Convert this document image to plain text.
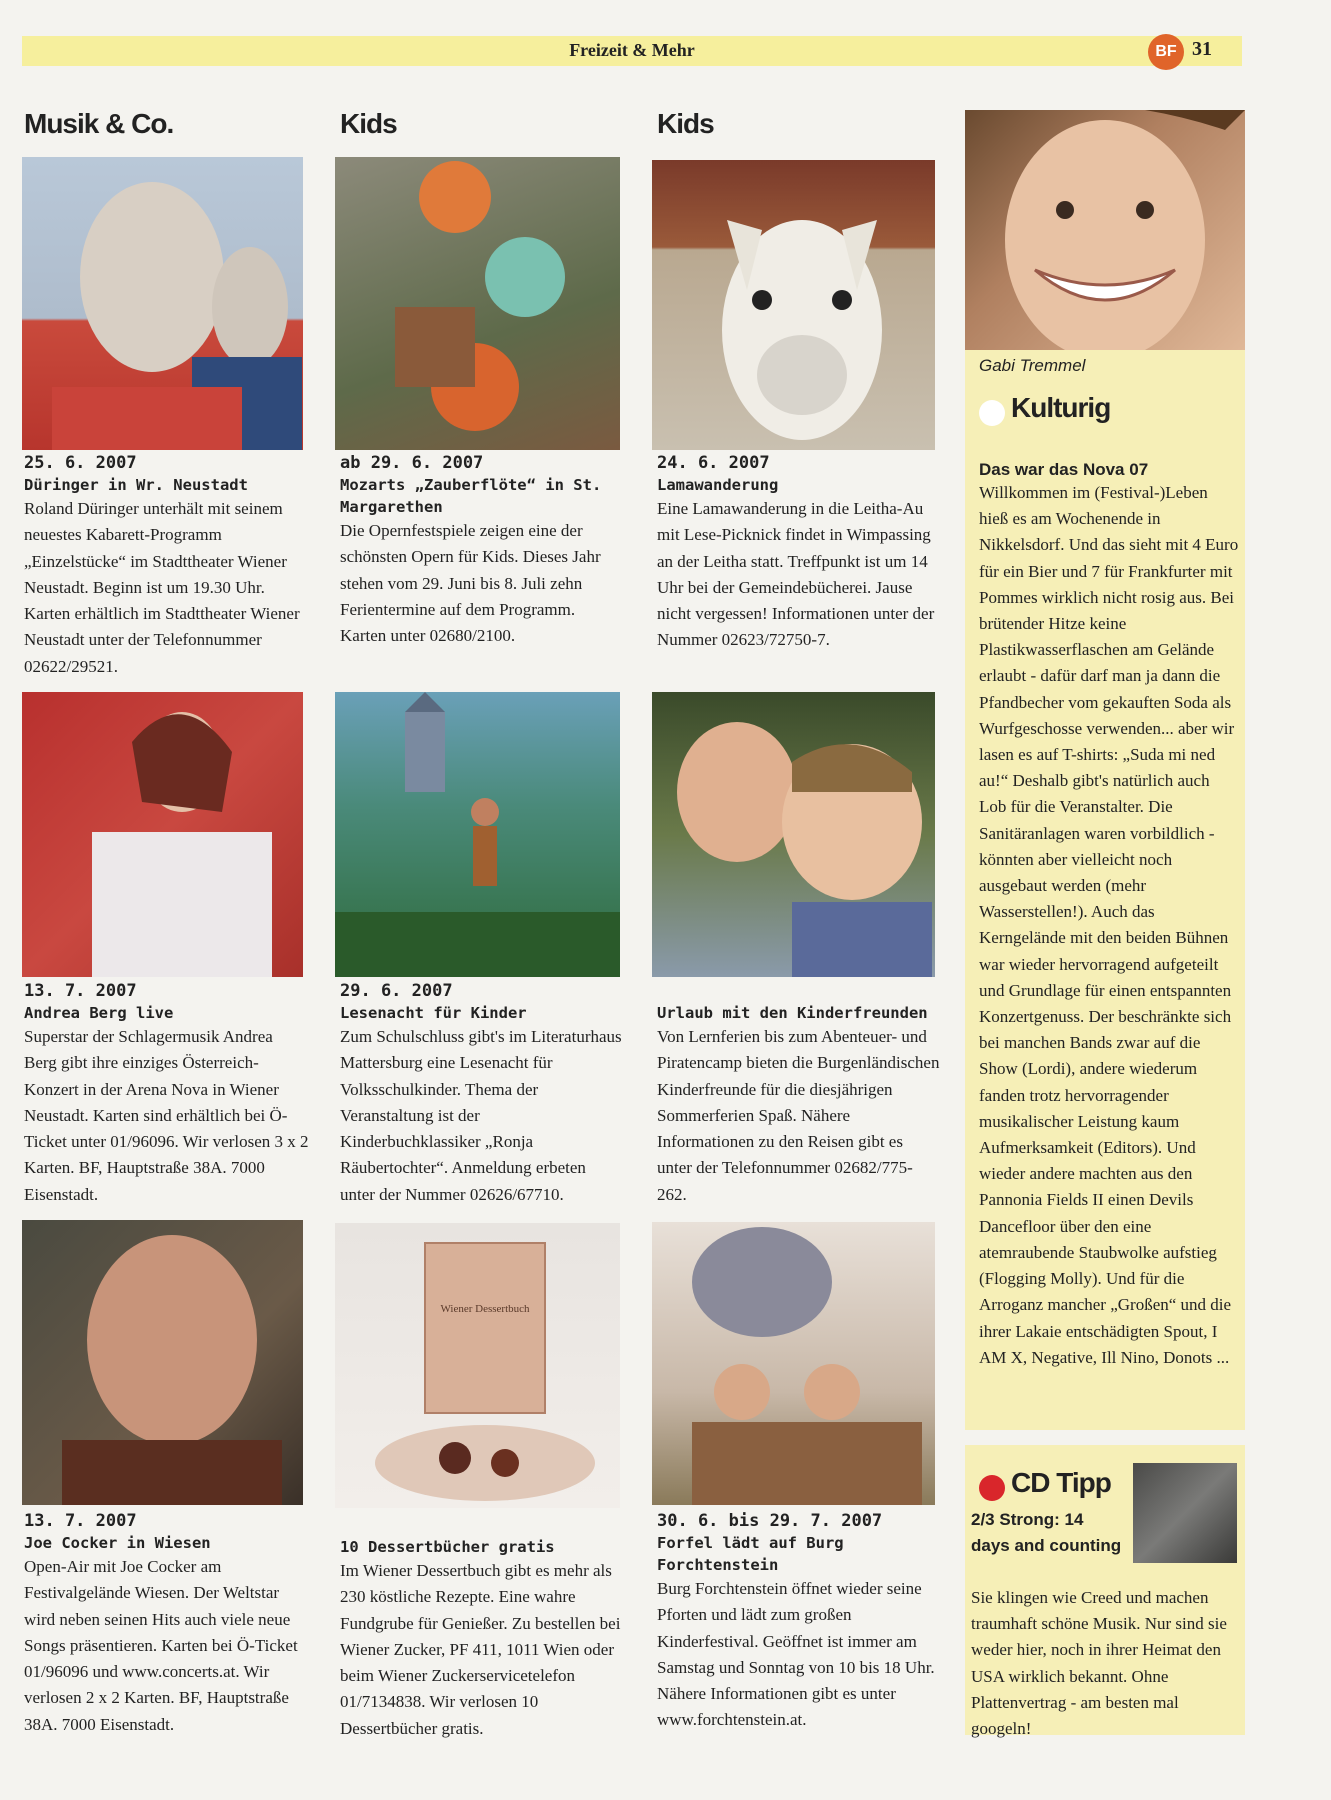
Freizeit & Mehr	BF 31
Musik & Co.	Kids	Kids
25. 6. 2007
Düringer in Wr. Neustadt
Roland Düringer unterhält mit seinem neuestes Kabarett-Programm „Einzelstücke“ im Stadttheater Wiener Neustadt. Beginn ist um 19.30 Uhr. Karten erhältlich im Stadttheater Wiener Neustadt unter der Telefonnummer 02622/29521.
ab 29. 6. 2007
Mozarts „Zauberflöte“ in St. Margarethen
Die Opernfestspiele zeigen eine der schönsten Opern für Kids. Dieses Jahr stehen vom 29. Juni bis 8. Juli zehn Ferientermine auf dem Programm. Karten unter 02680/2100.
24. 6. 2007
Lamawanderung
Eine Lamawanderung in die Leitha-Au mit Lese-Picknick findet in Wimpassing an der Leitha statt. Treffpunkt ist um 14 Uhr bei der Gemeindebücherei. Jause nicht vergessen! Informationen unter der Nummer 02623/72750-7.
13. 7. 2007
Andrea Berg live
Superstar der Schlagermusik Andrea Berg gibt ihre einziges Österreich-Konzert in der Arena Nova in Wiener Neustadt. Karten sind erhältlich bei Ö-Ticket unter 01/96096. Wir verlosen 3 x 2 Karten. BF, Hauptstraße 38A. 7000 Eisenstadt.
29. 6. 2007
Lesenacht für Kinder
Zum Schulschluss gibt's im Literaturhaus Mattersburg eine Lesenacht für Volksschulkinder. Thema der Veranstaltung ist der Kinderbuchklassiker „Ronja Räubertochter“. Anmeldung erbeten unter der Nummer 02626/67710.
Urlaub mit den Kinderfreunden
Von Lernferien bis zum Abenteuer- und Piratencamp bieten die Burgenländischen Kinderfreunde für die diesjährigen Sommerferien Spaß. Nähere Informationen zu den Reisen gibt es unter der Telefonnummer 02682/775-262.
Wiener Dessertbuch
13. 7. 2007
Joe Cocker in Wiesen
Open-Air mit Joe Cocker am Festivalgelände Wiesen. Der Weltstar wird neben seinen Hits auch viele neue Songs präsentieren. Karten bei Ö-Ticket 01/96096 und www.concerts.at. Wir verlosen 2 x 2 Karten. BF, Hauptstraße 38A. 7000 Eisenstadt.
10 Dessertbücher gratis
Im Wiener Dessertbuch gibt es mehr als 230 köstliche Rezepte. Eine wahre Fundgrube für Genießer. Zu bestellen bei Wiener Zucker, PF 411, 1011 Wien oder beim Wiener Zuckerservicetelefon 01/7134838. Wir verlosen 10 Dessertbücher gratis.
30. 6. bis 29. 7. 2007
Forfel lädt auf Burg Forchtenstein
Burg Forchtenstein öffnet wieder seine Pforten und lädt zum großen Kinderfestival. Geöffnet ist immer am Samstag und Sonntag von 10 bis 18 Uhr. Nähere Informationen gibt es unter www.forchtenstein.at.
Gabi Tremmel
Kulturig
Das war das Nova 07
Willkommen im (Festival-)Leben hieß es am Wochenende in Nikkelsdorf. Und das sieht mit 4 Euro für ein Bier und 7 für Frankfurter mit Pommes wirklich nicht rosig aus. Bei brütender Hitze keine Plastikwasserflaschen am Gelände erlaubt - dafür darf man ja dann die Pfandbecher vom gekauften Soda als Wurfgeschosse verwenden... aber wir lasen es auf T-shirts: „Suda mi ned au!“ Deshalb gibt's natürlich auch Lob für die Veranstalter. Die Sanitäranlagen waren vorbildlich - könnten aber vielleicht noch ausgebaut werden (mehr Wasserstellen!). Auch das Kerngelände mit den beiden Bühnen war wieder hervorragend aufgeteilt und Grundlage für einen entspannten Konzertgenuss. Der beschränkte sich bei manchen Bands zwar auf die Show (Lordi), andere wiederum fanden trotz hervorragender musikalischer Leistung kaum Aufmerksamkeit (Editors). Und wieder andere machten aus den Pannonia Fields II einen Devils Dancefloor über den eine atemraubende Staubwolke aufstieg (Flogging Molly). Und für die Arroganz mancher „Großen“ und die ihrer Lakaie entschädigten Spout, I AM X, Negative, Ill Nino, Donots ...
CD Tipp
2/3 Strong: 14 days and counting
Sie klingen wie Creed und machen traumhaft schöne Musik. Nur sind sie weder hier, noch in ihrer Heimat den USA wirklich bekannt. Ohne Plattenvertrag - am besten mal googeln!
